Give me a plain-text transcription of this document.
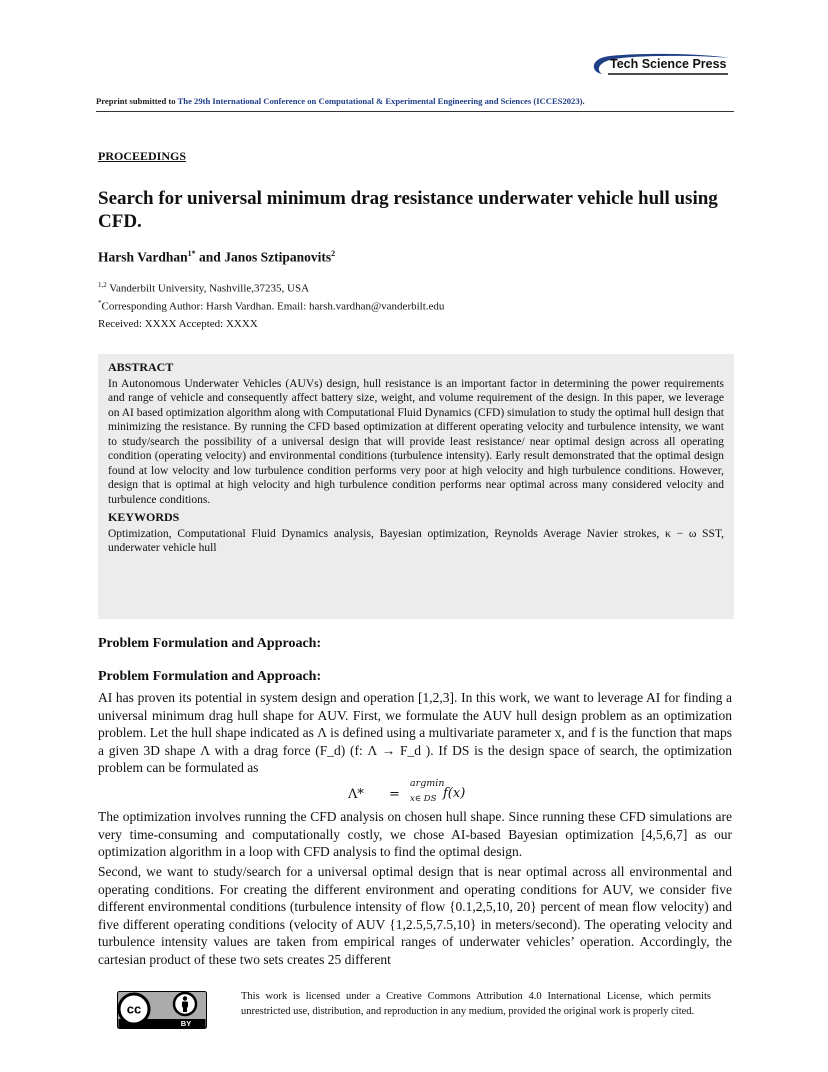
Tech Science Press
Preprint submitted to The 29th International Conference on Computational & Experimental Engineering and Sciences (ICCES2023).
PROCEEDINGS
Search for universal minimum drag resistance underwater vehicle hull using CFD.
Harsh Vardhan$^{1*}$ and Janos Sztipanovits$^2$
$^{1,2}$ Vanderbilt University, Nashville,37235, USA
*Corresponding Author: Harsh Vardhan. Email: harsh.vardhan@vanderbilt.edu
Received: XXXX Accepted: XXXX
ABSTRACT

In Autonomous Underwater Vehicles (AUVs) design, hull resistance is an important factor in determining the power requirements and range of vehicle and consequently affect battery size, weight, and volume requirement of the design. In this paper, we leverage on AI based optimization algorithm along with Computational Fluid Dynamics (CFD) simulation to study the optimal hull design that minimizing the resistance. By running the CFD based optimization at different operating velocity and turbulence intensity, we want to study/search the possibility of a universal design that will provide least resistance/ near optimal design across all operating condition (operating velocity) and environmental conditions (turbulence intensity). Early result demonstrated that the optimal design found at low velocity and low turbulence condition performs very poor at high velocity and high turbulence conditions. However, design that is optimal at high velocity and high turbulence condition performs near optimal across many considered velocity and turbulence conditions.

KEYWORDS

Optimization, Computational Fluid Dynamics analysis, Bayesian optimization, Reynolds Average Navier strokes, κ − ω SST, underwater vehicle hull

Problem Formulation and Approach:
Problem Formulation and Approach:

AI has proven its potential in system design and operation [1,2,3]. In this work, we want to leverage AI for finding a universal minimum drag hull shape for AUV. First, we formulate the AUV hull design problem as an optimization problem. Let the hull shape indicated as Λ is defined using a multivariate parameter x, and f is the function that maps a given 3D shape Λ with a drag force (F_d) (f: Λ → F_d ). If DS is the design space of search, the optimization problem can be formulated as

Λ* =
argmin
x∈ DS f(x)

The optimization involves running the CFD analysis on chosen hull shape. Since running these CFD simulations are very time-consuming and computationally costly, we chose AI-based Bayesian optimization [4,5,6,7] as our optimization algorithm in a loop with CFD analysis to find the optimal design.

Second, we want to study/search for a universal optimal design that is near optimal across all environmental and operating conditions. For creating the different environment and operating conditions for AUV, we consider five different environmental conditions (turbulence intensity of flow {0.1,2,5,10, 20} percent of mean flow velocity) and five different operating conditions (velocity of AUV {1,2.5,5,7.5,10} in meters/second). The operating velocity and turbulence intensity values are taken from empirical ranges of underwater vehicles’ operation. Accordingly, the cartesian product of these two sets creates 25 different

cc
BY

This work is licensed under a Creative Commons Attribution 4.0 International License, which permits unrestricted use, distribution, and reproduction in any medium, provided the original work is properly cited.
